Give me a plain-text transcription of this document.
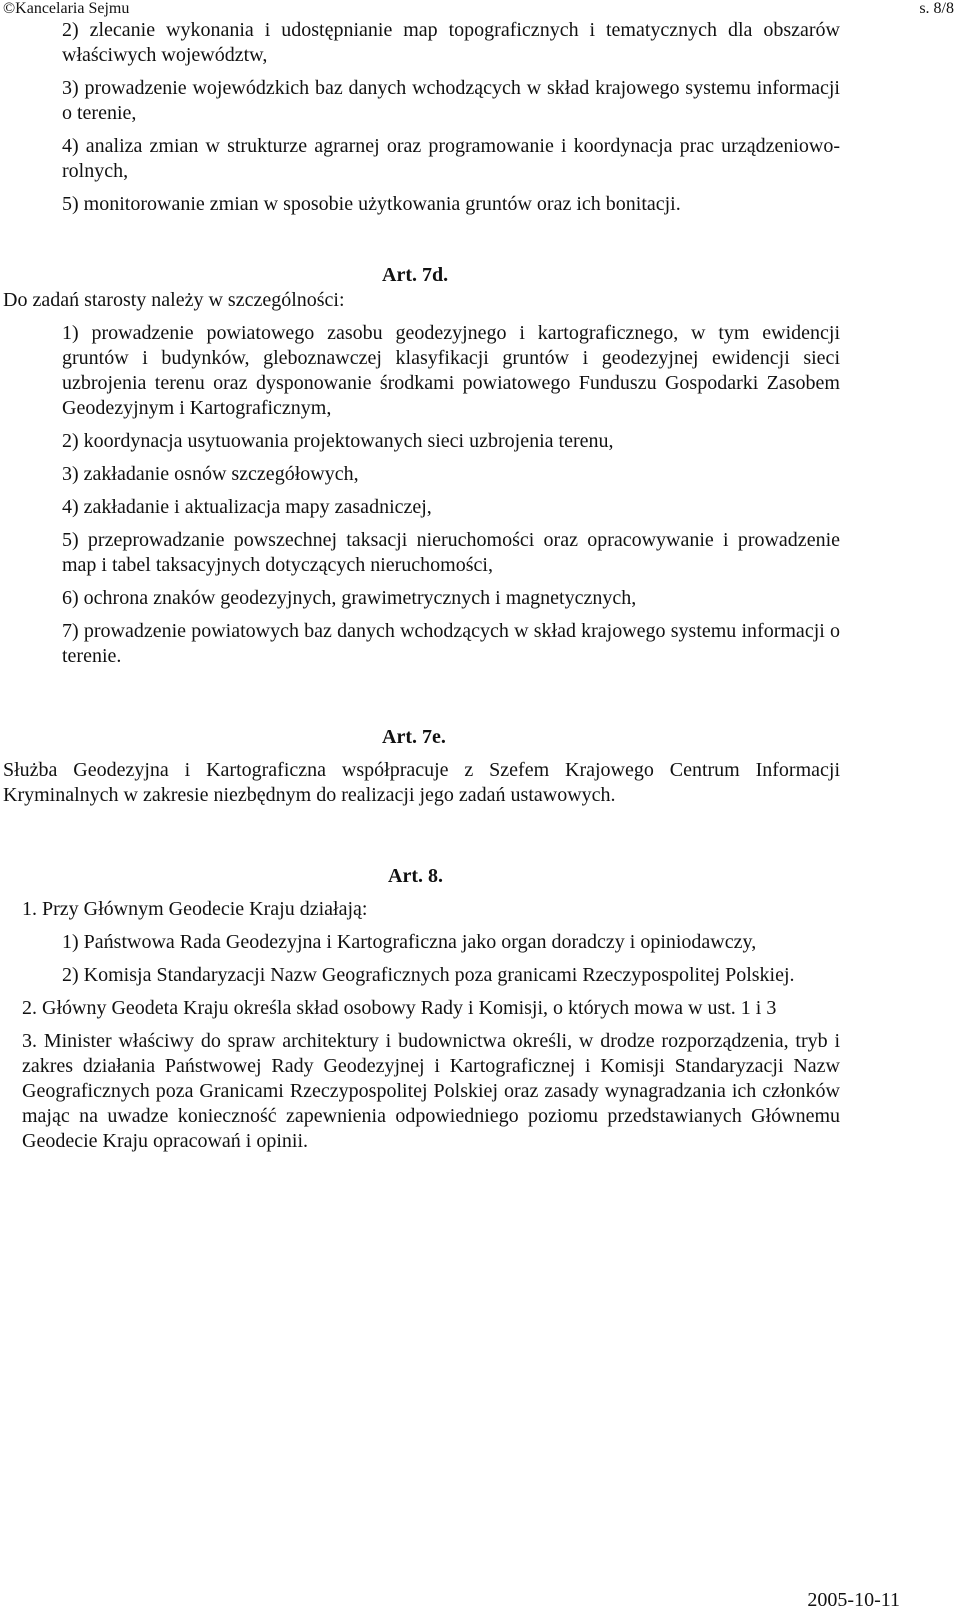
©Kancelaria Sejmu	s. 8/8
2) zlecanie wykonania i udostępnianie map topograficznych i tematycznych dla obszarów właściwych województw,
3) prowadzenie wojewódzkich baz danych wchodzących w skład krajowego systemu informacji o terenie,
4) analiza zmian w strukturze agrarnej oraz programowanie i koordynacja prac urządzeniowo-rolnych,
5) monitorowanie zmian w sposobie użytkowania gruntów oraz ich bonitacji.
Art. 7d.
Do zadań starosty należy w szczególności:
1) prowadzenie powiatowego zasobu geodezyjnego i kartograficznego, w tym ewidencji gruntów i budynków, gleboznawczej klasyfikacji gruntów i geodezyjnej ewidencji sieci uzbrojenia terenu oraz dysponowanie środkami powiatowego Funduszu Gospodarki Zasobem Geodezyjnym i Kartograficznym,
2) koordynacja usytuowania projektowanych sieci uzbrojenia terenu,
3) zakładanie osnów szczegółowych,
4) zakładanie i aktualizacja mapy zasadniczej,
5) przeprowadzanie powszechnej taksacji nieruchomości oraz opracowywanie i prowadzenie map i tabel taksacyjnych dotyczących nieruchomości,
6) ochrona znaków geodezyjnych, grawimetrycznych i magnetycznych,
7) prowadzenie powiatowych baz danych wchodzących w skład krajowego systemu informacji o terenie.
Art. 7e.
Służba Geodezyjna i Kartograficzna współpracuje z Szefem Krajowego Centrum Informacji Kryminalnych w zakresie niezbędnym do realizacji jego zadań ustawowych.
Art. 8.
1. Przy Głównym Geodecie Kraju działają:
1) Państwowa Rada Geodezyjna i Kartograficzna jako organ doradczy i opiniodawczy,
2) Komisja Standaryzacji Nazw Geograficznych poza granicami Rzeczypospolitej Polskiej.
2. Główny Geodeta Kraju określa skład osobowy Rady i Komisji, o których mowa w ust. 1 i 3
3. Minister właściwy do spraw architektury i budownictwa określi, w drodze rozporządzenia, tryb i zakres działania Państwowej Rady Geodezyjnej i Kartograficznej i Komisji Standaryzacji Nazw Geograficznych poza Granicami Rzeczypospolitej Polskiej oraz zasady wynagradzania ich członków mając na uwadze konieczność zapewnienia odpowiedniego poziomu przedstawianych Głównemu Geodecie Kraju opracowań i opinii.
2005-10-11
